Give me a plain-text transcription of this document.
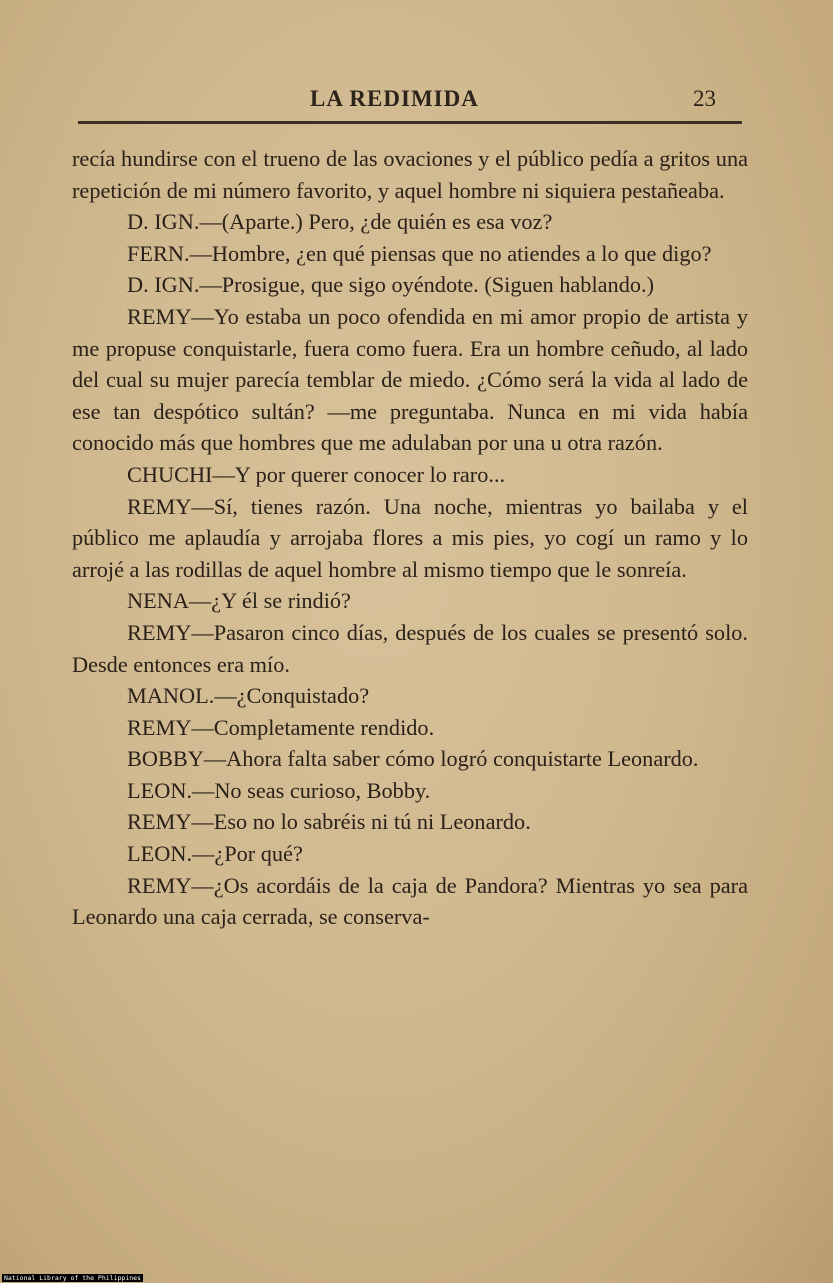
LA REDIMIDA	23

recía hundirse con el trueno de las ovaciones y el público pedía a gritos una repetición de mi número favorito, y aquel hombre ni siquiera pestañeaba.

D. IGN.—(Aparte.) Pero, ¿de quién es esa voz?

FERN.—Hombre, ¿en qué piensas que no atiendes a lo que digo?

D. IGN.—Prosigue, que sigo oyéndote. (Siguen hablando.)

REMY—Yo estaba un poco ofendida en mi amor propio de artista y me propuse conquistarle, fuera como fuera. Era un hombre ceñudo, al lado del cual su mujer parecía temblar de miedo. ¿Cómo será la vida al lado de ese tan despótico sultán? —me preguntaba. Nunca en mi vida había conocido más que hombres que me adulaban por una u otra razón.

CHUCHI—Y por querer conocer lo raro...

REMY—Sí, tienes razón. Una noche, mientras yo bailaba y el público me aplaudía y arrojaba flores a mis pies, yo cogí un ramo y lo arrojé a las rodillas de aquel hombre al mismo tiempo que le sonreía.

NENA—¿Y él se rindió?

REMY—Pasaron cinco días, después de los cuales se presentó solo. Desde entonces era mío.

MANOL.—¿Conquistado?

REMY—Completamente rendido.

BOBBY—Ahora falta saber cómo logró conquistarte Leonardo.

LEON.—No seas curioso, Bobby.

REMY—Eso no lo sabréis ni tú ni Leonardo.

LEON.—¿Por qué?

REMY—¿Os acordáis de la caja de Pandora? Mientras yo sea para Leonardo una caja cerrada, se conserva-

National Library of the Philippines
